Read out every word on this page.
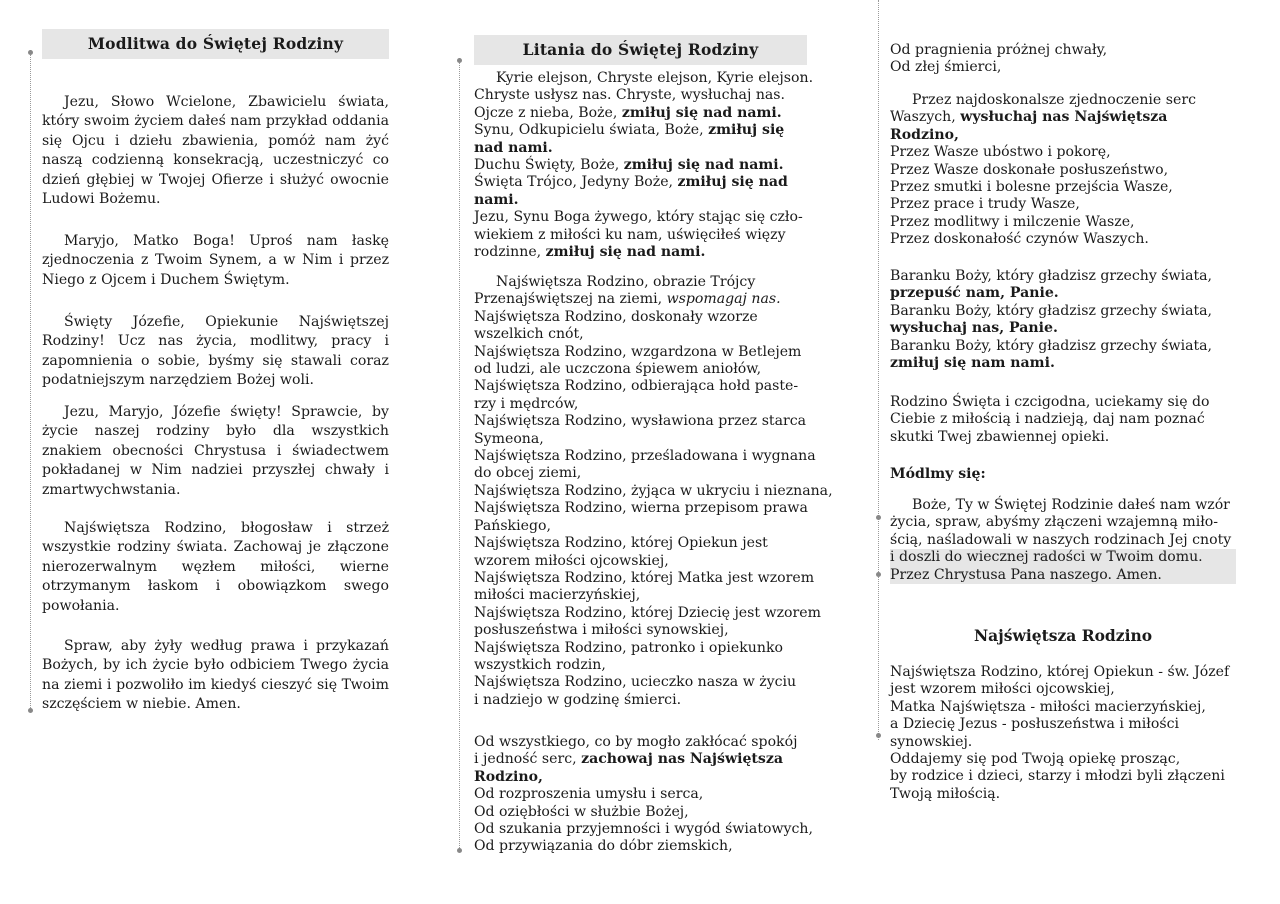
Modlitwa do Świętej Rodziny

Jezu, Słowo Wcielone, Zbawicielu świata, który swoim życiem dałeś nam przykład oddania się Ojcu i dziełu zbawienia, pomóż nam żyć naszą codzienną konsekracją, uczestniczyć co dzień głębiej w Twojej Ofierze i służyć owocnie Ludowi Bożemu.

Maryjo, Matko Boga! Uproś nam łaskę zjednoczenia z Twoim Synem, a w Nim i przez Niego z Ojcem i Duchem Świętym.

Święty Józefie, Opiekunie Najświętszej Rodziny! Ucz nas życia, modlitwy, pracy i zapomnienia o sobie, byśmy się stawali coraz podatniejszym narzędziem Bożej woli.

Jezu, Maryjo, Józefie święty! Sprawcie, by życie naszej rodziny było dla wszystkich znakiem obecności Chrystusa i świadectwem pokładanej w Nim nadziei przyszłej chwały i zmartwychwstania.

Najświętsza Rodzino, błogosław i strzeż wszystkie rodziny świata. Zachowaj je złączone nierozerwalnym węzłem miłości, wierne otrzymanym łaskom i obowiązkom swego powołania.

Spraw, aby żyły według prawa i przykazań Bożych, by ich życie było odbiciem Twego życia na ziemi i pozwoliło im kiedyś cieszyć się Twoim szczęściem w niebie. Amen.

Litania do Świętej Rodziny
Kyrie elejson, Chryste elejson, Kyrie elejson.
Chryste usłysz nas. Chryste, wysłuchaj nas.
Ojcze z nieba, Boże, zmiłuj się nad nami.
Synu, Odkupicielu świata, Boże, zmiłuj się
nad nami.
Duchu Święty, Boże, zmiłuj się nad nami.
Święta Trójco, Jedyny Boże, zmiłuj się nad
nami.
Jezu, Synu Boga żywego, który stając się czło-
wiekiem z miłości ku nam, uświęciłeś więzy
rodzinne, zmiłuj się nad nami.
Najświętsza Rodzino, obrazie Trójcy
Przenajświętszej na ziemi, wspomagaj nas.
Najświętsza Rodzino, doskonały wzorze
wszelkich cnót,
Najświętsza Rodzino, wzgardzona w Betlejem
od ludzi, ale uczczona śpiewem aniołów,
Najświętsza Rodzino, odbierająca hołd paste-
rzy i mędrców,
Najświętsza Rodzino, wysławiona przez starca
Symeona,
Najświętsza Rodzino, prześladowana i wygnana
do obcej ziemi,
Najświętsza Rodzino, żyjąca w ukryciu i nieznana,
Najświętsza Rodzino, wierna przepisom prawa
Pańskiego,
Najświętsza Rodzino, której Opiekun jest
wzorem miłości ojcowskiej,
Najświętsza Rodzino, której Matka jest wzorem
miłości macierzyńskiej,
Najświętsza Rodzino, której Dziecię jest wzorem
posłuszeństwa i miłości synowskiej,
Najświętsza Rodzino, patronko i opiekunko
wszystkich rodzin,
Najświętsza Rodzino, ucieczko nasza w życiu
i nadziejo w godzinę śmierci.
Od wszystkiego, co by mogło zakłócać spokój
i jedność serc, zachowaj nas Najświętsza
Rodzino,
Od rozproszenia umysłu i serca,
Od oziębłości w służbie Bożej,
Od szukania przyjemności i wygód światowych,
Od przywiązania do dóbr ziemskich,
Od pragnienia próżnej chwały,
Od złej śmierci,
Przez najdoskonalsze zjednoczenie serc
Waszych, wysłuchaj nas Najświętsza
Rodzino,
Przez Wasze ubóstwo i pokorę,
Przez Wasze doskonałe posłuszeństwo,
Przez smutki i bolesne przejścia Wasze,
Przez prace i trudy Wasze,
Przez modlitwy i milczenie Wasze,
Przez doskonałość czynów Waszych.
Baranku Boży, który gładzisz grzechy świata,
przepuść nam, Panie.
Baranku Boży, który gładzisz grzechy świata,
wysłuchaj nas, Panie.
Baranku Boży, który gładzisz grzechy świata,
zmiłuj się nam nami.
Rodzino Święta i czcigodna, uciekamy się do
Ciebie z miłością i nadzieją, daj nam poznać
skutki Twej zbawiennej opieki.
Módlmy się:
Boże, Ty w Świętej Rodzinie dałeś nam wzór
życia, spraw, abyśmy złączeni wzajemną miło-
ścią, naśladowali w naszych rodzinach Jej cnoty
i doszli do wiecznej radości w Twoim domu.
Przez Chrystusa Pana naszego. Amen.
Najświętsza Rodzino
Najświętsza Rodzino, której Opiekun - św. Józef
jest wzorem miłości ojcowskiej,
Matka Najświętsza - miłości macierzyńskiej,
a Dziecię Jezus - posłuszeństwa i miłości
synowskiej.
Oddajemy się pod Twoją opiekę prosząc,
by rodzice i dzieci, starzy i młodzi byli złączeni
Twoją miłością.
